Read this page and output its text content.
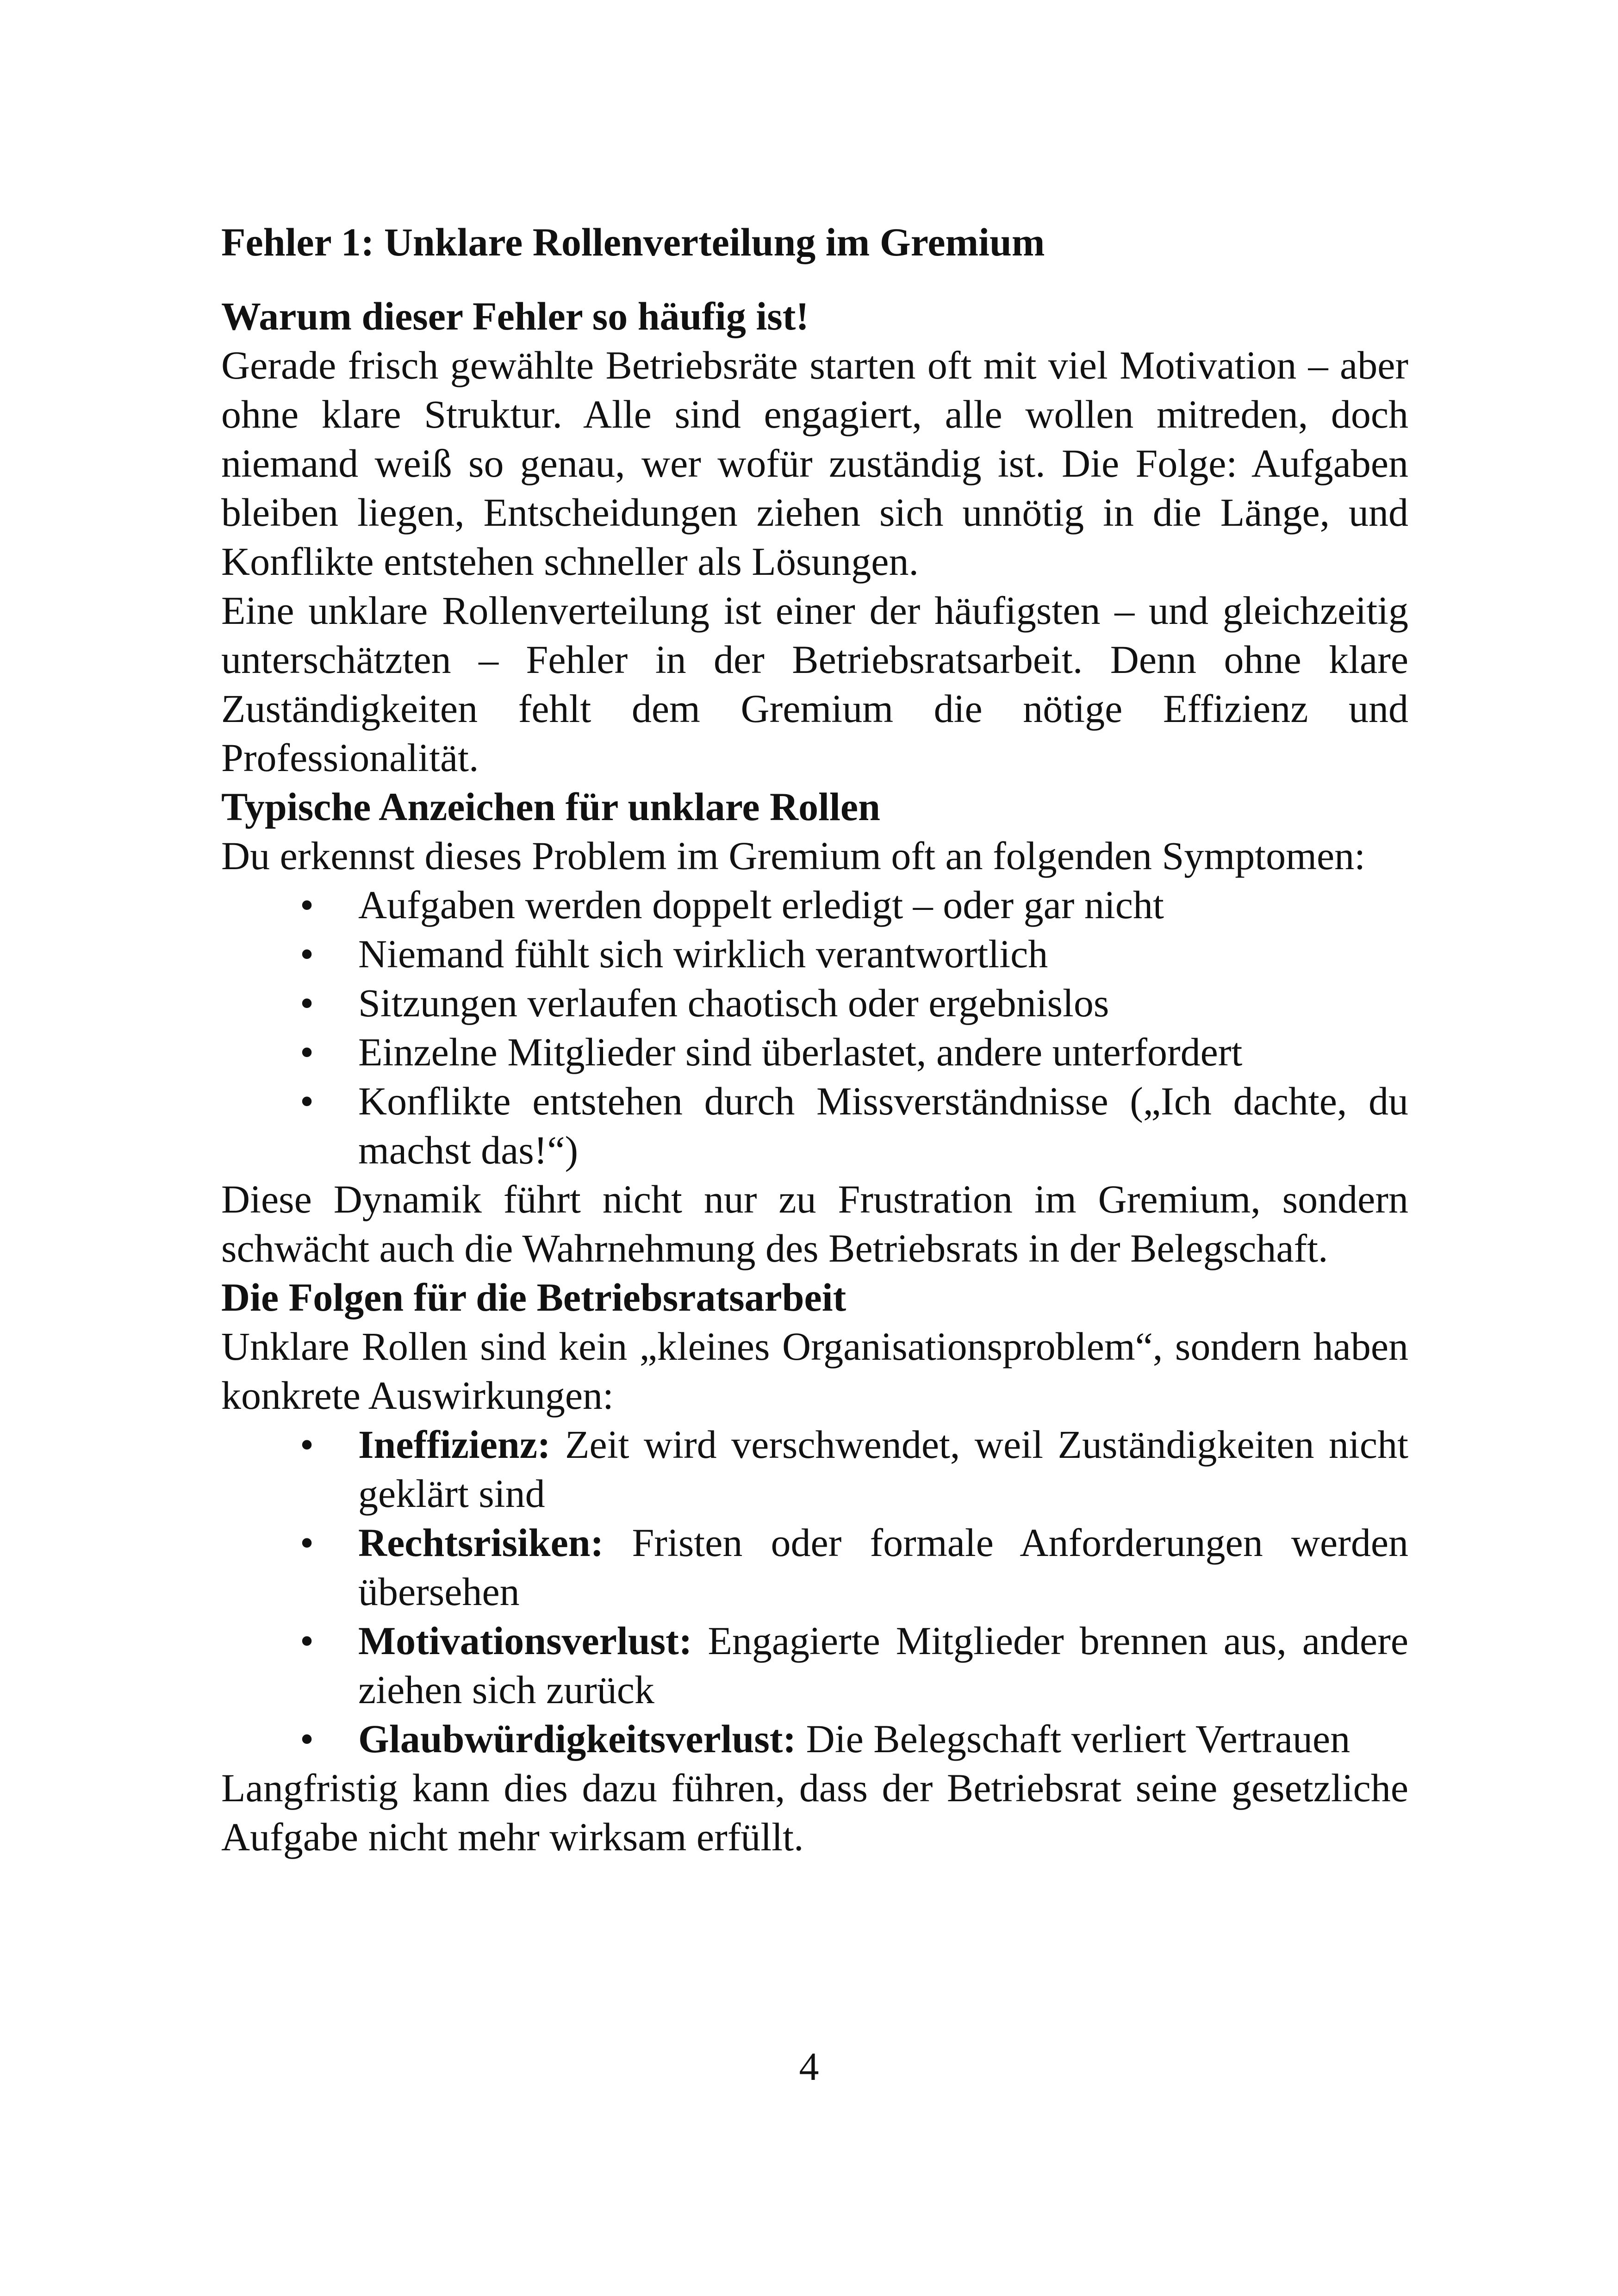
Fehler 1: Unklare Rollenverteilung im Gremium

Warum dieser Fehler so häufig ist!

Gerade frisch gewählte Betriebsräte starten oft mit viel Motivation – aber ohne klare Struktur. Alle sind engagiert, alle wollen mitreden, doch niemand weiß so genau, wer wofür zuständig ist. Die Folge: Aufgaben bleiben liegen, Entscheidungen ziehen sich unnötig in die Länge, und Konflikte entstehen schneller als Lösungen.

Eine unklare Rollenverteilung ist einer der häufigsten – und gleichzeitig unterschätzten – Fehler in der Betriebsratsarbeit. Denn ohne klare Zuständigkeiten fehlt dem Gremium die nötige Effizienz und Professionalität.

Typische Anzeichen für unklare Rollen

Du erkennst dieses Problem im Gremium oft an folgenden Symptomen:

• Aufgaben werden doppelt erledigt – oder gar nicht
• Niemand fühlt sich wirklich verantwortlich
• Sitzungen verlaufen chaotisch oder ergebnislos
• Einzelne Mitglieder sind überlastet, andere unterfordert
• Konflikte entstehen durch Missverständnisse („Ich dachte, du machst das!“)

Diese Dynamik führt nicht nur zu Frustration im Gremium, sondern schwächt auch die Wahrnehmung des Betriebsrats in der Belegschaft.

Die Folgen für die Betriebsratsarbeit

Unklare Rollen sind kein „kleines Organisationsproblem“, sondern haben konkrete Auswirkungen:

• Ineffizienz: Zeit wird verschwendet, weil Zuständigkeiten nicht geklärt sind
• Rechtsrisiken: Fristen oder formale Anforderungen werden übersehen
• Motivationsverlust: Engagierte Mitglieder brennen aus, andere ziehen sich zurück
• Glaubwürdigkeitsverlust: Die Belegschaft verliert Vertrauen

Langfristig kann dies dazu führen, dass der Betriebsrat seine gesetzliche Aufgabe nicht mehr wirksam erfüllt.

4
